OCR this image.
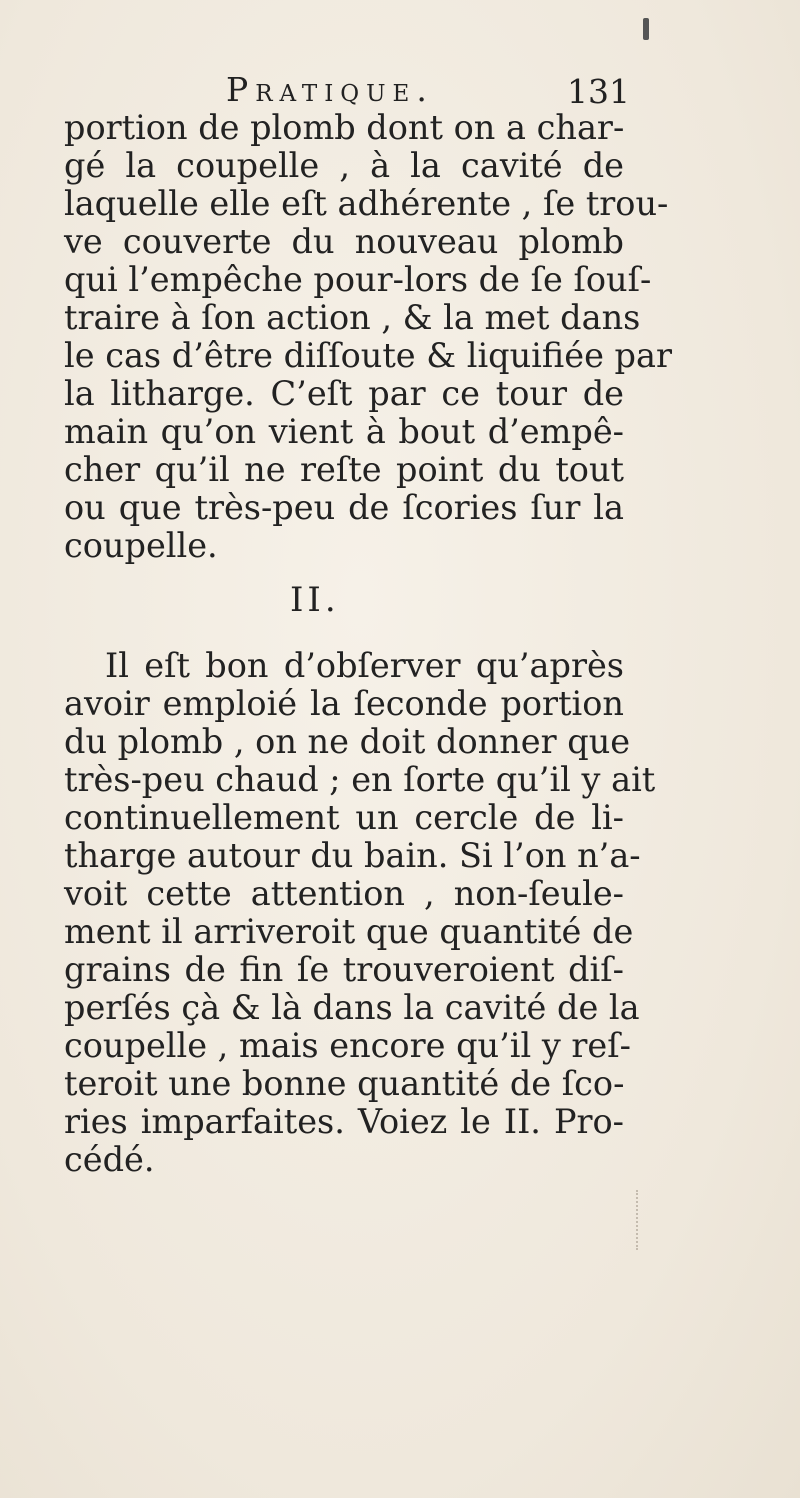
Pratique.	131
portion de plomb dont on a char-
gé la coupelle , à la cavité de
laquelle elle eſt adhérente , ſe trou-
ve couverte du nouveau plomb
qui l’empêche pour-lors de ſe ſouſ-
traire à ſon action , & la met dans
le cas d’être diſſoute & liquifiée par
la litharge. C’eſt par ce tour de
main qu’on vient à bout d’empê-
cher qu’il ne reſte point du tout
ou que très-peu de ſcories ſur la
coupelle.
II.
Il eſt bon d’obſerver qu’après
avoir emploié la ſeconde portion
du plomb , on ne doit donner que
très-peu chaud ; en ſorte qu’il y ait
continuellement un cercle de li-
tharge autour du bain. Si l’on n’a-
voit cette attention , non-ſeule-
ment il arriveroit que quantité de
grains de fin ſe trouveroient diſ-
perſés çà & là dans la cavité de la
coupelle , mais encore qu’il y reſ-
teroit une bonne quantité de ſco-
ries imparfaites. Voiez le II. Pro-
cédé.
